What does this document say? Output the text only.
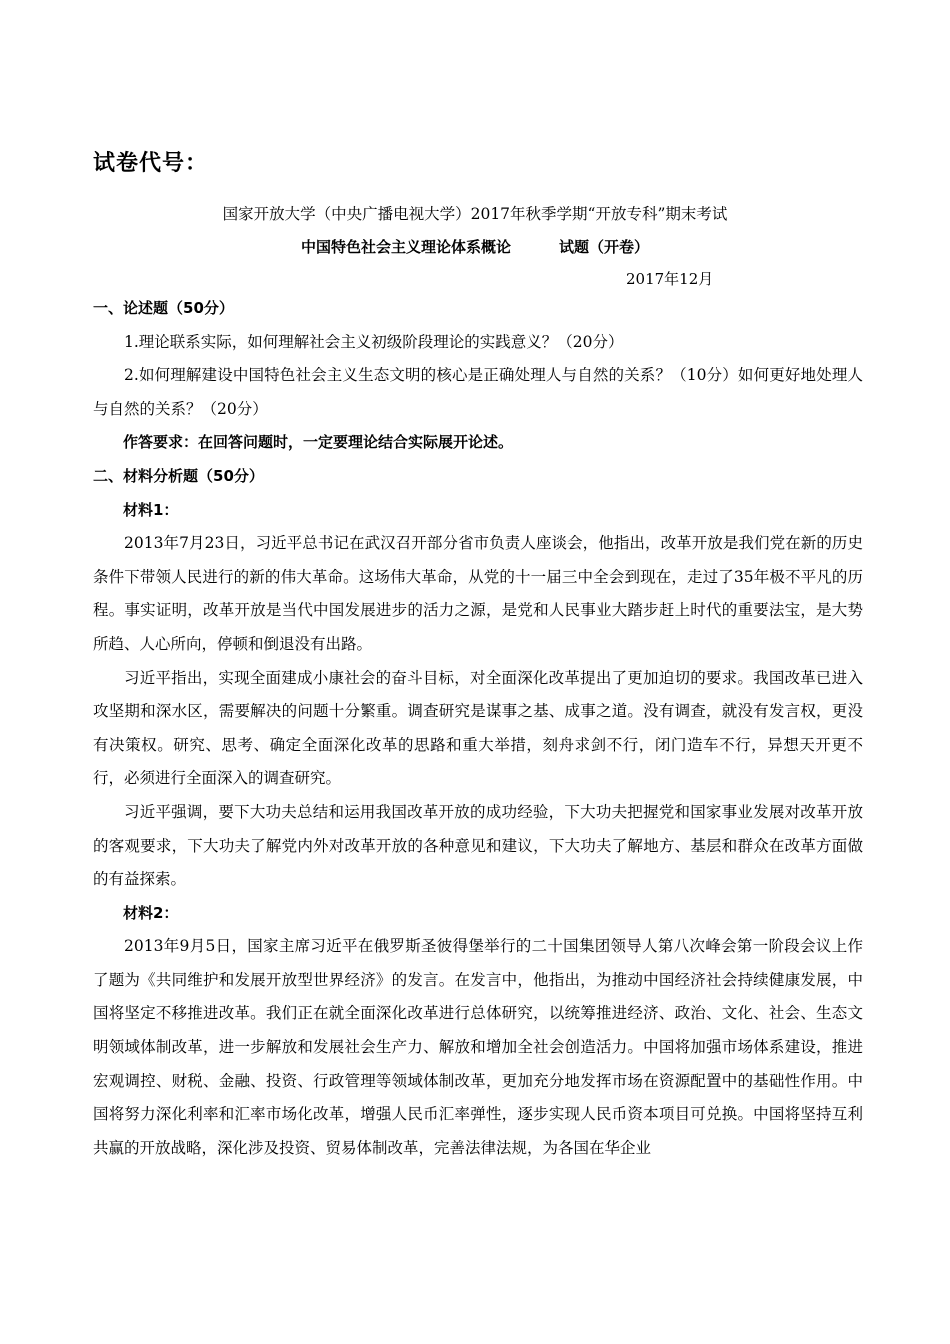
试卷代号：
国家开放大学（中央广播电视大学）2017年秋季学期“开放专科”期末考试
中国特色社会主义理论体系概论	试题（开卷）
2017年12月

一、论述题（50分）

1.理论联系实际，如何理解社会主义初级阶段理论的实践意义？（20分）

2.如何理解建设中国特色社会主义生态文明的核心是正确处理人与自然的关系？（10分）如何更好地处理人与自然的关系？（20分）

作答要求：在回答问题时，一定要理论结合实际展开论述。

二、材料分析题（50分）

材料1：

2013年7月23日，习近平总书记在武汉召开部分省市负责人座谈会，他指出，改革开放是我们党在新的历史条件下带领人民进行的新的伟大革命。这场伟大革命，从党的十一届三中全会到现在，走过了35年极不平凡的历程。事实证明，改革开放是当代中国发展进步的活力之源，是党和人民事业大踏步赶上时代的重要法宝，是大势所趋、人心所向，停顿和倒退没有出路。

习近平指出，实现全面建成小康社会的奋斗目标，对全面深化改革提出了更加迫切的要求。我国改革已进入攻坚期和深水区，需要解决的问题十分繁重。调查研究是谋事之基、成事之道。没有调查，就没有发言权，更没有决策权。研究、思考、确定全面深化改革的思路和重大举措，刻舟求剑不行，闭门造车不行，异想天开更不行，必须进行全面深入的调查研究。

习近平强调，要下大功夫总结和运用我国改革开放的成功经验，下大功夫把握党和国家事业发展对改革开放的客观要求，下大功夫了解党内外对改革开放的各种意见和建议，下大功夫了解地方、基层和群众在改革方面做的有益探索。

材料2：

2013年9月5日，国家主席习近平在俄罗斯圣彼得堡举行的二十国集团领导人第八次峰会第一阶段会议上作了题为《共同维护和发展开放型世界经济》的发言。在发言中，他指出，为推动中国经济社会持续健康发展，中国将坚定不移推进改革。我们正在就全面深化改革进行总体研究，以统筹推进经济、政治、文化、社会、生态文明领域体制改革，进一步解放和发展社会生产力、解放和增加全社会创造活力。中国将加强市场体系建设，推进宏观调控、财税、金融、投资、行政管理等领域体制改革，更加充分地发挥市场在资源配置中的基础性作用。中国将努力深化利率和汇率市场化改革，增强人民币汇率弹性，逐步实现人民币资本项目可兑换。中国将坚持互利共赢的开放战略，深化涉及投资、贸易体制改革，完善法律法规，为各国在华企业
